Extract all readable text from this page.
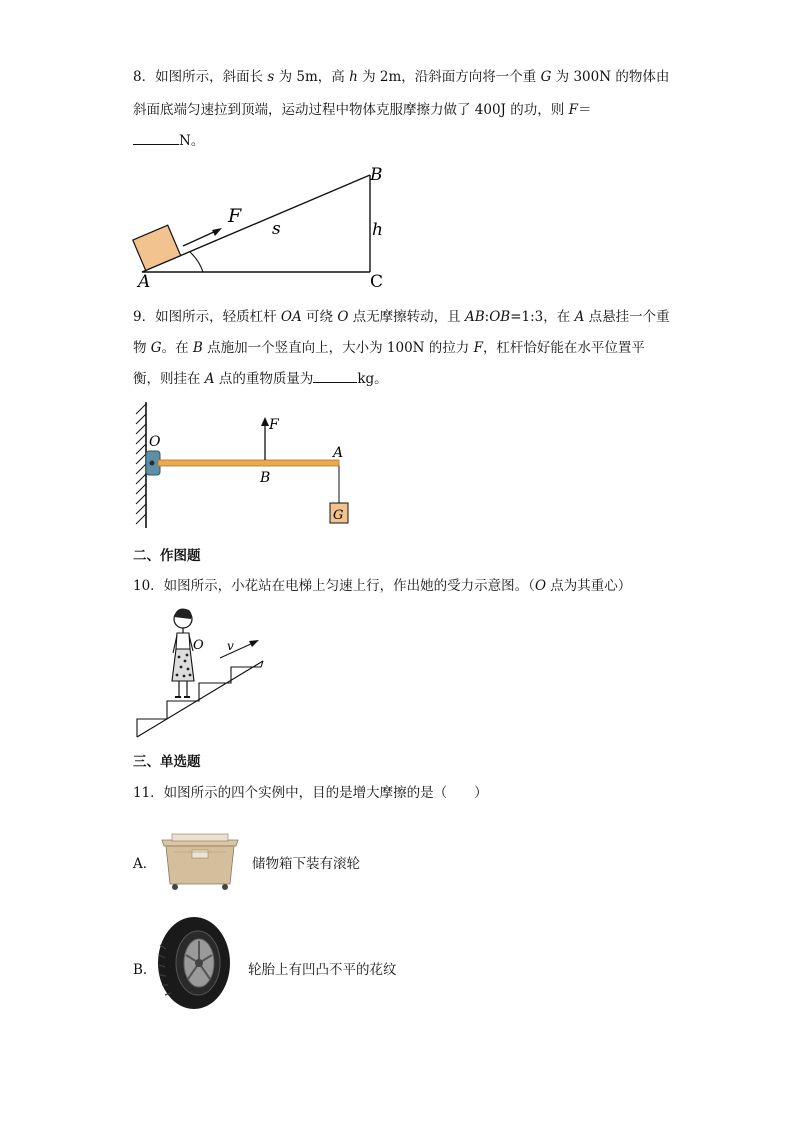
8．如图所示，斜面长 s 为 5m，高 h 为 2m，沿斜面方向将一个重 G 为 300N 的物体由
斜面底端匀速拉到顶端，运动过程中物体克服摩擦力做了 400J 的功，则 F＝
N。
F
s	h
A
B
C
9．如图所示，轻质杠杆 OA 可绕 O 点无摩擦转动，且 AB:OB=1:3，在 A 点悬挂一个重
物 G。在 B 点施加一个竖直向上，大小为 100N 的拉力 F，杠杆恰好能在水平位置平
衡，则挂在 A 点的重物质量为	kg。
F
O
A
B
G
二、作图题
10．如图所示，小花站在电梯上匀速上行，作出她的受力示意图。（O 点为其重心）
v
O
三、单选题
11．如图所示的四个实例中，目的是增大摩擦的是（　　）
A．	储物箱下装有滚轮
B．	轮胎上有凹凸不平的花纹
